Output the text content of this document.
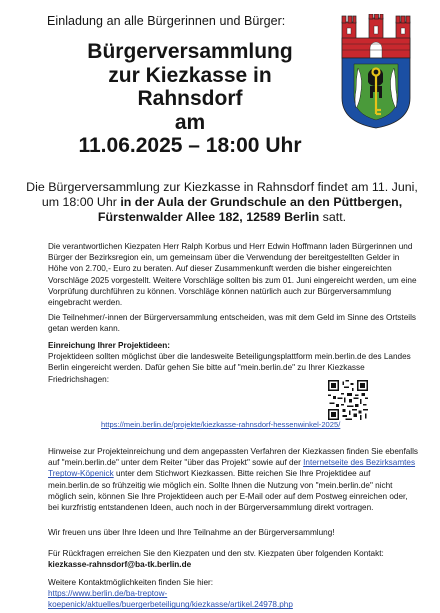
Einladung an alle Bürgerinnen und Bürger:
Bürgerversammlung
zur Kiezkasse in
Rahnsdorf
am
11.06.2025 – 18:00 Uhr
Die Bürgerversammlung zur Kiezkasse in Rahnsdorf findet am 11. Juni, um 18:00 Uhr in der Aula der Grundschule an den Püttbergen, Fürstenwalder Allee 182, 12589 Berlin satt.
Die verantwortlichen Kiezpaten Herr Ralph Korbus und Herr Edwin Hoffmann laden Bürgerinnen und Bürger der Bezirksregion ein, um gemeinsam über die Verwendung der bereitgestellten Gelder in Höhe von 2.700,- Euro zu beraten. Auf dieser Zusammenkunft werden die bisher eingereichten Vorschläge 2025 vorgestellt. Weitere Vorschläge sollten bis zum 01. Juni eingereicht werden, um eine Vorprüfung durchführen zu können. Vorschläge können natürlich auch zur Bürgerversammlung eingebracht werden.
Die Teilnehmer/-innen der Bürgerversammlung entscheiden, was mit dem Geld im Sinne des Ortsteils getan werden kann.
Einreichung Ihrer Projektideen:
Projektideen sollten möglichst über die landesweite Beteiligungsplattform mein.berlin.de des Landes Berlin eingereicht werden. Dafür gehen Sie bitte auf "mein.berlin.de" zu Ihrer Kiezkasse Friedrichshagen:
https://mein.berlin.de/projekte/kiezkasse-rahnsdorf-hessenwinkel-2025/
Hinweise zur Projekteinreichung und dem angepassten Verfahren der Kiezkassen finden Sie ebenfalls auf "mein.berlin.de" unter dem Reiter "über das Projekt" sowie auf der Internetseite des Bezirksamtes Treptow-Köpenick unter dem Stichwort Kiezkassen. Bitte reichen Sie Ihre Projektidee auf mein.berlin.de so frühzeitig wie möglich ein. Sollte Ihnen die Nutzung von "mein.berlin.de" nicht möglich sein, können Sie Ihre Projektideen auch per E-Mail oder auf dem Postweg einreichen oder, bei kurzfristig entstandenen Ideen, auch noch in der Bürgerversammlung direkt vortragen.
Wir freuen uns über Ihre Ideen und Ihre Teilnahme an der Bürgerversammlung!
Für Rückfragen erreichen Sie den Kiezpaten und den stv. Kiezpaten über folgenden Kontakt:
kiezkasse-rahnsdorf@ba-tk.berlin.de
Weitere Kontaktmöglichkeiten finden Sie hier:
https://www.berlin.de/ba-treptow-
koepenick/aktuelles/buergerbeteiligung/kiezkasse/artikel.24978.php
